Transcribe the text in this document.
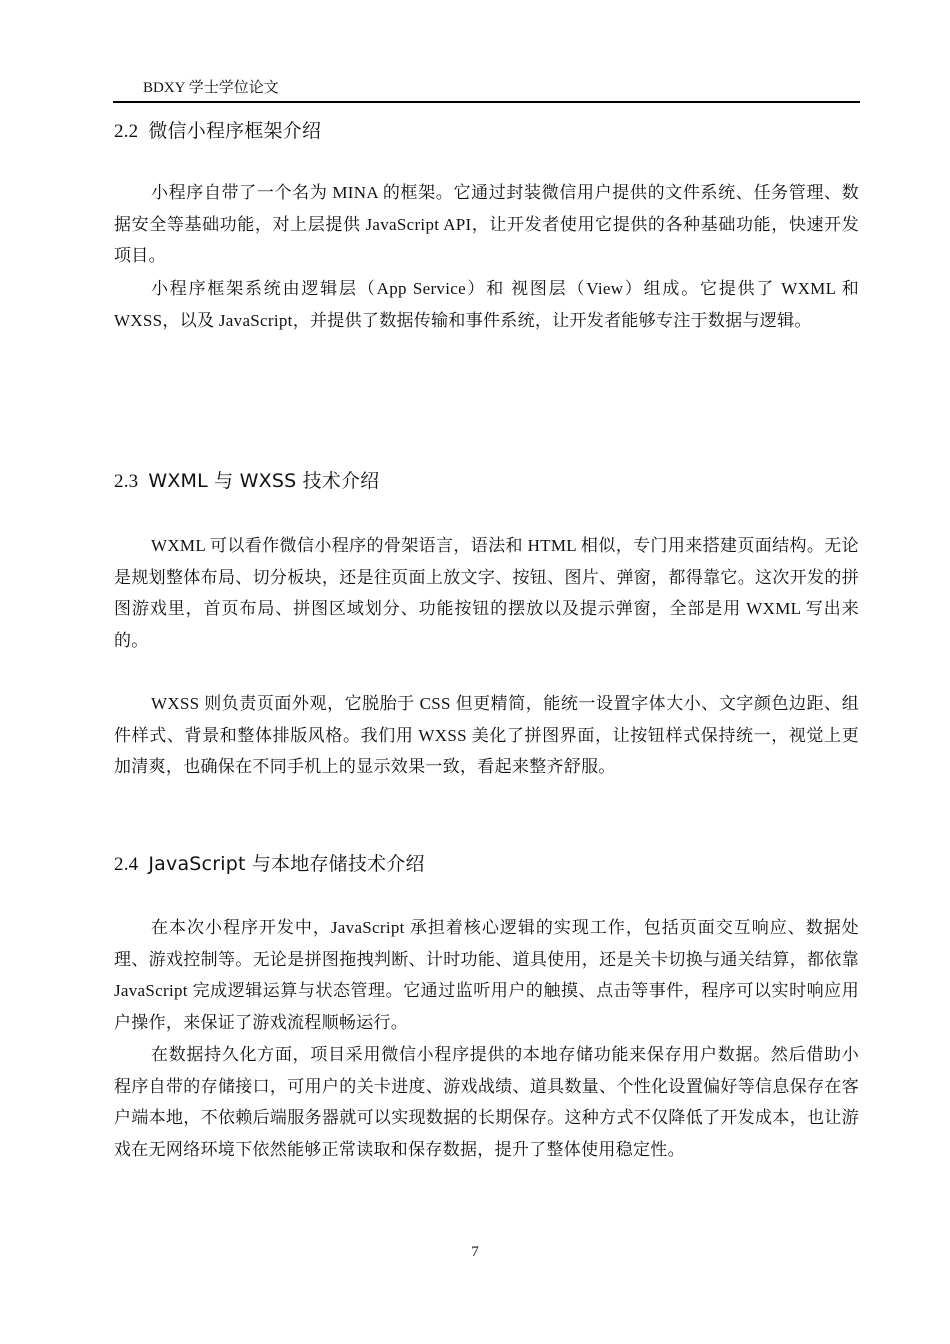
BDXY 学士学位论文
2.2 微信小程序框架介绍

小程序自带了一个名为 MINA 的框架。它通过封装微信用户提供的文件系统、任务管理、数据安全等基础功能，对上层提供 JavaScript API，让开发者使用它提供的各种基础功能，快速开发项目。

小程序框架系统由逻辑层（App Service）和 视图层（View）组成。它提供了 WXML 和 WXSS，以及 JavaScript，并提供了数据传输和事件系统，让开发者能够专注于数据与逻辑。

2.3 WXML 与 WXSS 技术介绍

WXML 可以看作微信小程序的骨架语言，语法和 HTML 相似，专门用来搭建页面结构。无论是规划整体布局、切分板块，还是往页面上放文字、按钮、图片、弹窗，都得靠它。这次开发的拼图游戏里，首页布局、拼图区域划分、功能按钮的摆放以及提示弹窗，全部是用 WXML 写出来的。

WXSS 则负责页面外观，它脱胎于 CSS 但更精简，能统一设置字体大小、文字颜色边距、组件样式、背景和整体排版风格。我们用 WXSS 美化了拼图界面，让按钮样式保持统一，视觉上更加清爽，也确保在不同手机上的显示效果一致，看起来整齐舒服。

2.4 JavaScript 与本地存储技术介绍

在本次小程序开发中，JavaScript 承担着核心逻辑的实现工作，包括页面交互响应、数据处理、游戏控制等。无论是拼图拖拽判断、计时功能、道具使用，还是关卡切换与通关结算，都依靠 JavaScript 完成逻辑运算与状态管理。它通过监听用户的触摸、点击等事件，程序可以实时响应用户操作，来保证了游戏流程顺畅运行。

在数据持久化方面，项目采用微信小程序提供的本地存储功能来保存用户数据。然后借助小程序自带的存储接口，可用户的关卡进度、游戏战绩、道具数量、个性化设置偏好等信息保存在客户端本地，不依赖后端服务器就可以实现数据的长期保存。这种方式不仅降低了开发成本，也让游戏在无网络环境下依然能够正常读取和保存数据，提升了整体使用稳定性。

7
